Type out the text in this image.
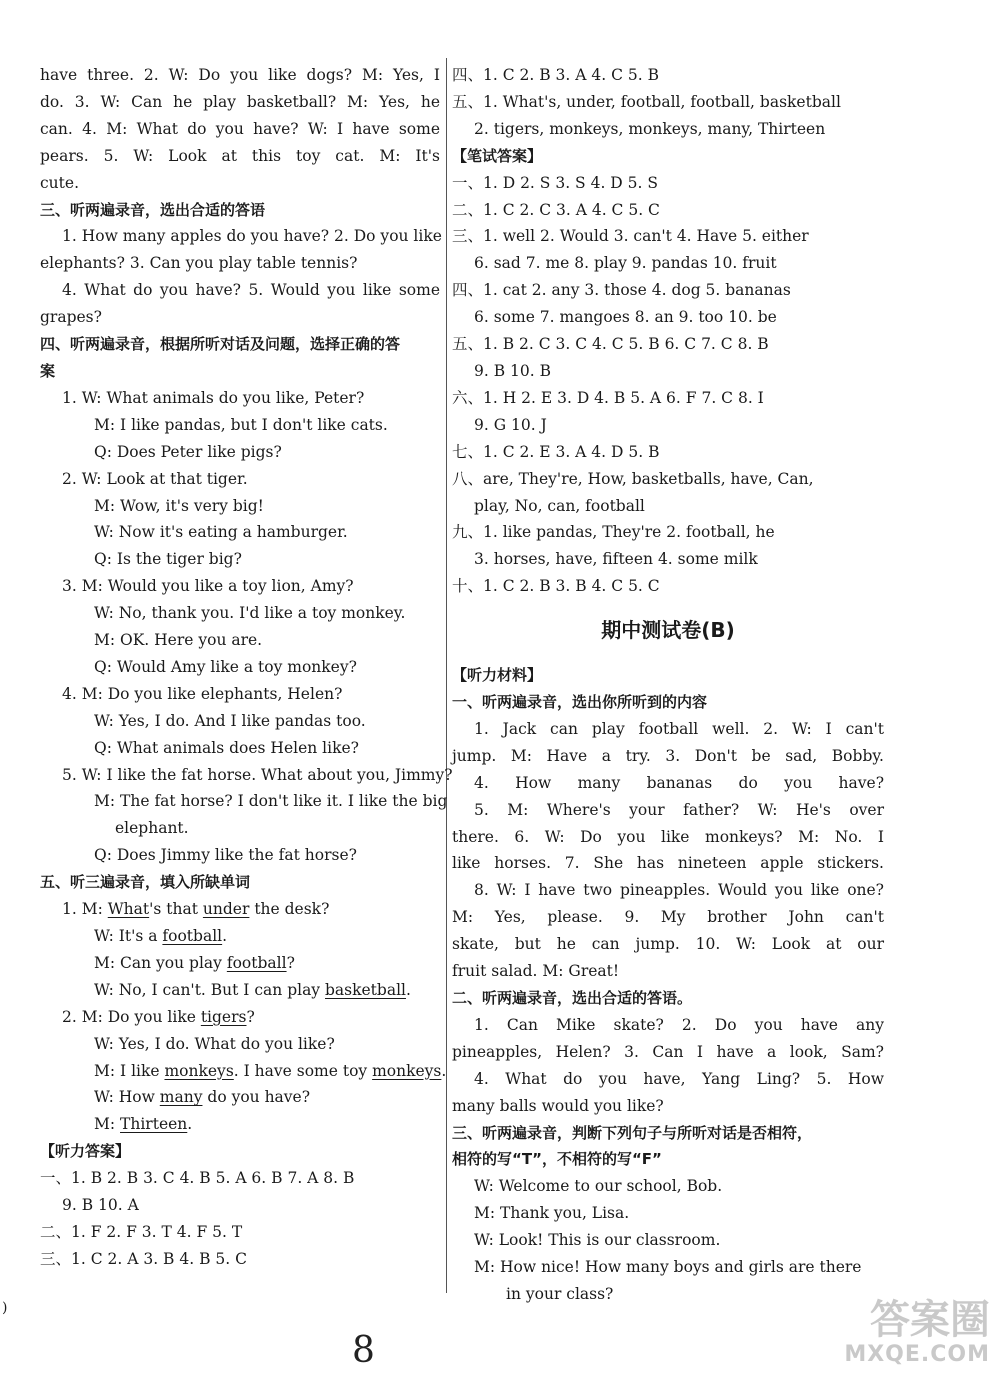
have three. 2. W: Do you like dogs? M: Yes, I
do. 3. W: Can he play basketball? M: Yes, he
can. 4. M: What do you have? W: I have some
pears. 5. W: Look at this toy cat. M: It's
cute.
三、听两遍录音，选出合适的答语
1. How many apples do you have? 2. Do you like
elephants? 3. Can you play table tennis?
4. What do you have? 5. Would you like some
grapes?
四、听两遍录音，根据所听对话及问题，选择正确的答
案
1. W: What animals do you like, Peter?
M: I like pandas, but I don't like cats.
Q: Does Peter like pigs?
2. W: Look at that tiger.
M: Wow, it's very big!
W: Now it's eating a hamburger.
Q: Is the tiger big?
3. M: Would you like a toy lion, Amy?
W: No, thank you. I'd like a toy monkey.
M: OK. Here you are.
Q: Would Amy like a toy monkey?
4. M: Do you like elephants, Helen?
W: Yes, I do. And I like pandas too.
Q: What animals does Helen like?
5. W: I like the fat horse. What about you, Jimmy?
M: The fat horse? I don't like it. I like the big
elephant.
Q: Does Jimmy like the fat horse?
五、听三遍录音，填入所缺单词
1. M: What's that under the desk?
W: It's a football.
M: Can you play football?
W: No, I can't. But I can play basketball.
2. M: Do you like tigers?
W: Yes, I do. What do you like?
M: I like monkeys. I have some toy monkeys.
W: How many do you have?
M: Thirteen.
【听力答案】
一、1. B 2. B 3. C 4. B 5. A 6. B 7. A 8. B
9. B 10. A
二、1. F 2. F 3. T 4. F 5. T
三、1. C 2. A 3. B 4. B 5. C
四、1. C 2. B 3. A 4. C 5. B
五、1. What's, under, football, football, basketball
2. tigers, monkeys, monkeys, many, Thirteen
【笔试答案】
一、1. D 2. S 3. S 4. D 5. S
二、1. C 2. C 3. A 4. C 5. C
三、1. well 2. Would 3. can't 4. Have 5. either
6. sad 7. me 8. play 9. pandas 10. fruit
四、1. cat 2. any 3. those 4. dog 5. bananas
6. some 7. mangoes 8. an 9. too 10. be
五、1. B 2. C 3. C 4. C 5. B 6. C 7. C 8. B
9. B 10. B
六、1. H 2. E 3. D 4. B 5. A 6. F 7. C 8. I
9. G 10. J
七、1. C 2. E 3. A 4. D 5. B
八、are, They're, How, basketballs, have, Can,
play, No, can, football
九、1. like pandas, They're 2. football, he
3. horses, have, fifteen 4. some milk
十、1. C 2. B 3. B 4. C 5. C
期中测试卷(B)
【听力材料】
一、听两遍录音，选出你所听到的内容
1. Jack can play football well. 2. W: I can't
jump. M: Have a try. 3. Don't be sad, Bobby.
4. How many bananas do you have?
5. M: Where's your father? W: He's over
there. 6. W: Do you like monkeys? M: No. I
like horses. 7. She has nineteen apple stickers.
8. W: I have two pineapples. Would you like one?
M: Yes, please. 9. My brother John can't
skate, but he can jump. 10. W: Look at our
fruit salad. M: Great!
二、听两遍录音，选出合适的答语。
1. Can Mike skate? 2. Do you have any
pineapples, Helen? 3. Can I have a look, Sam?
4. What do you have, Yang Ling? 5. How
many balls would you like?
三、听两遍录音，判断下列句子与所听对话是否相符，
相符的写“T”，不相符的写“F”
W: Welcome to our school, Bob.
M: Thank you, Lisa.
W: Look! This is our classroom.
M: How nice! How many boys and girls are there
in your class?
)
8
答案圈
MXQE.COM
